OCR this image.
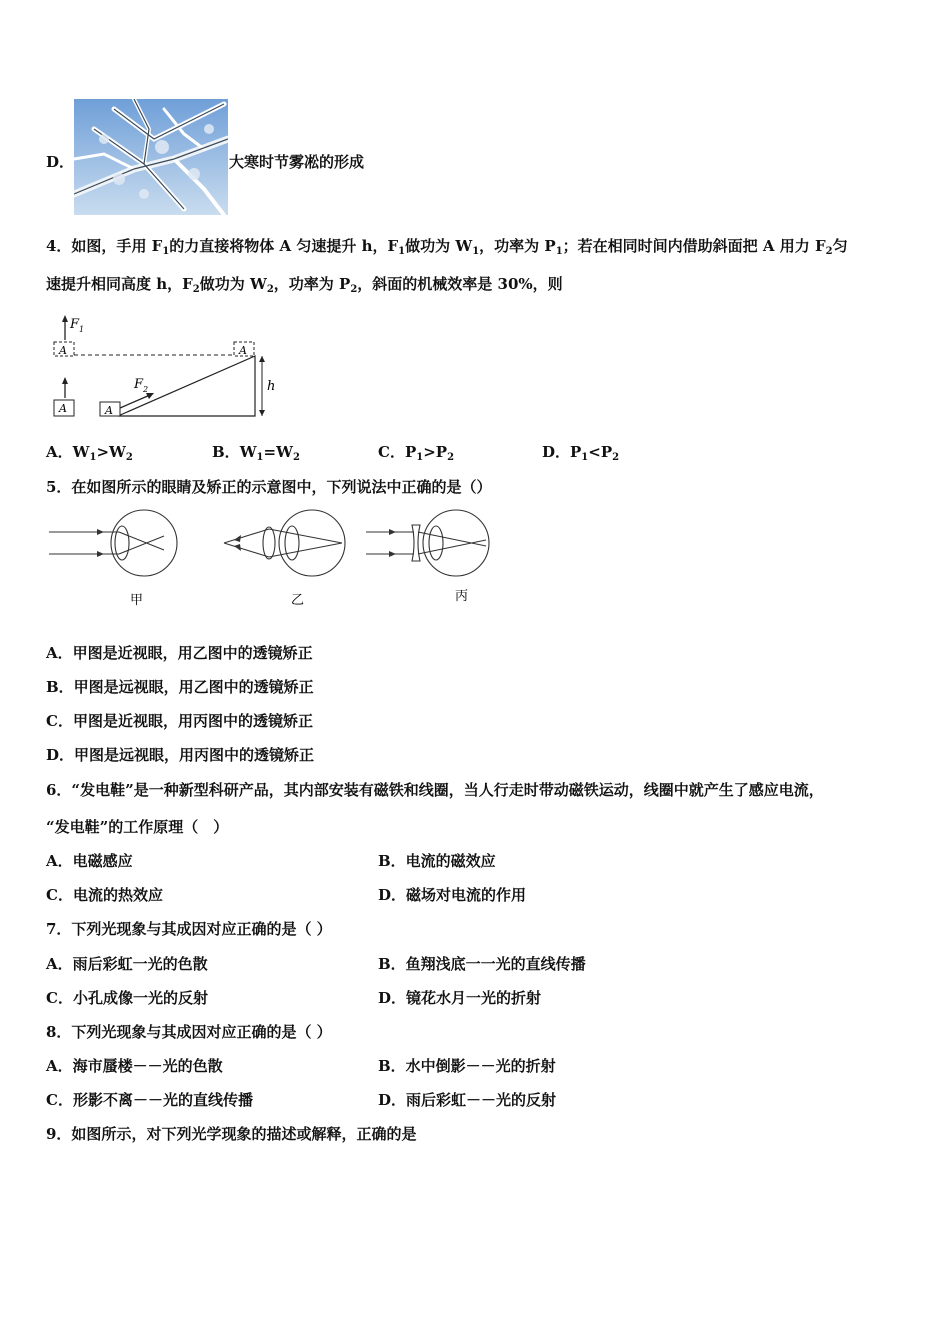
D．	大寒时节雾凇的形成
4．如图，手用 $F_1$的力直接将物体 A 匀速提升 h，$F_1$做功为 $W_1$，功率为 $P_1$；若在相同时间内借助斜面把 A 用力 $F_2$匀
速提升相同高度 h，$F_2$做功为 $W_2$，功率为 $P_2$，斜面的机械效率是 30%，则
$F_1$
A	A
A	A
$F_2$	h
A．$W_1>W_2$	B．$W_1=W_2$	C．$P_1>P_2$	D．$P_1<P_2$
5．在如图所示的眼睛及矫正的示意图中，下列说法中正确的是（）
甲	乙	丙
A．甲图是近视眼，用乙图中的透镜矫正
B．甲图是远视眼，用乙图中的透镜矫正
C．甲图是近视眼，用丙图中的透镜矫正
D．甲图是远视眼，用丙图中的透镜矫正
6．“发电鞋”是一种新型科研产品，其内部安装有磁铁和线圈，当人行走时带动磁铁运动，线圈中就产生了感应电流，
“发电鞋”的工作原理（　）
A．电磁感应	B．电流的磁效应
C．电流的热效应	D．磁场对电流的作用
7．下列光现象与其成因对应正确的是（ ）
A．雨后彩虹一光的色散	B．鱼翔浅底一一光的直线传播
C．小孔成像一光的反射	D．镜花水月一光的折射
8．下列光现象与其成因对应正确的是（ ）
A．海市蜃楼－－光的色散	B．水中倒影－－光的折射
C．形影不离－－光的直线传播	D．雨后彩虹－－光的反射
9．如图所示，对下列光学现象的描述或解释，正确的是
